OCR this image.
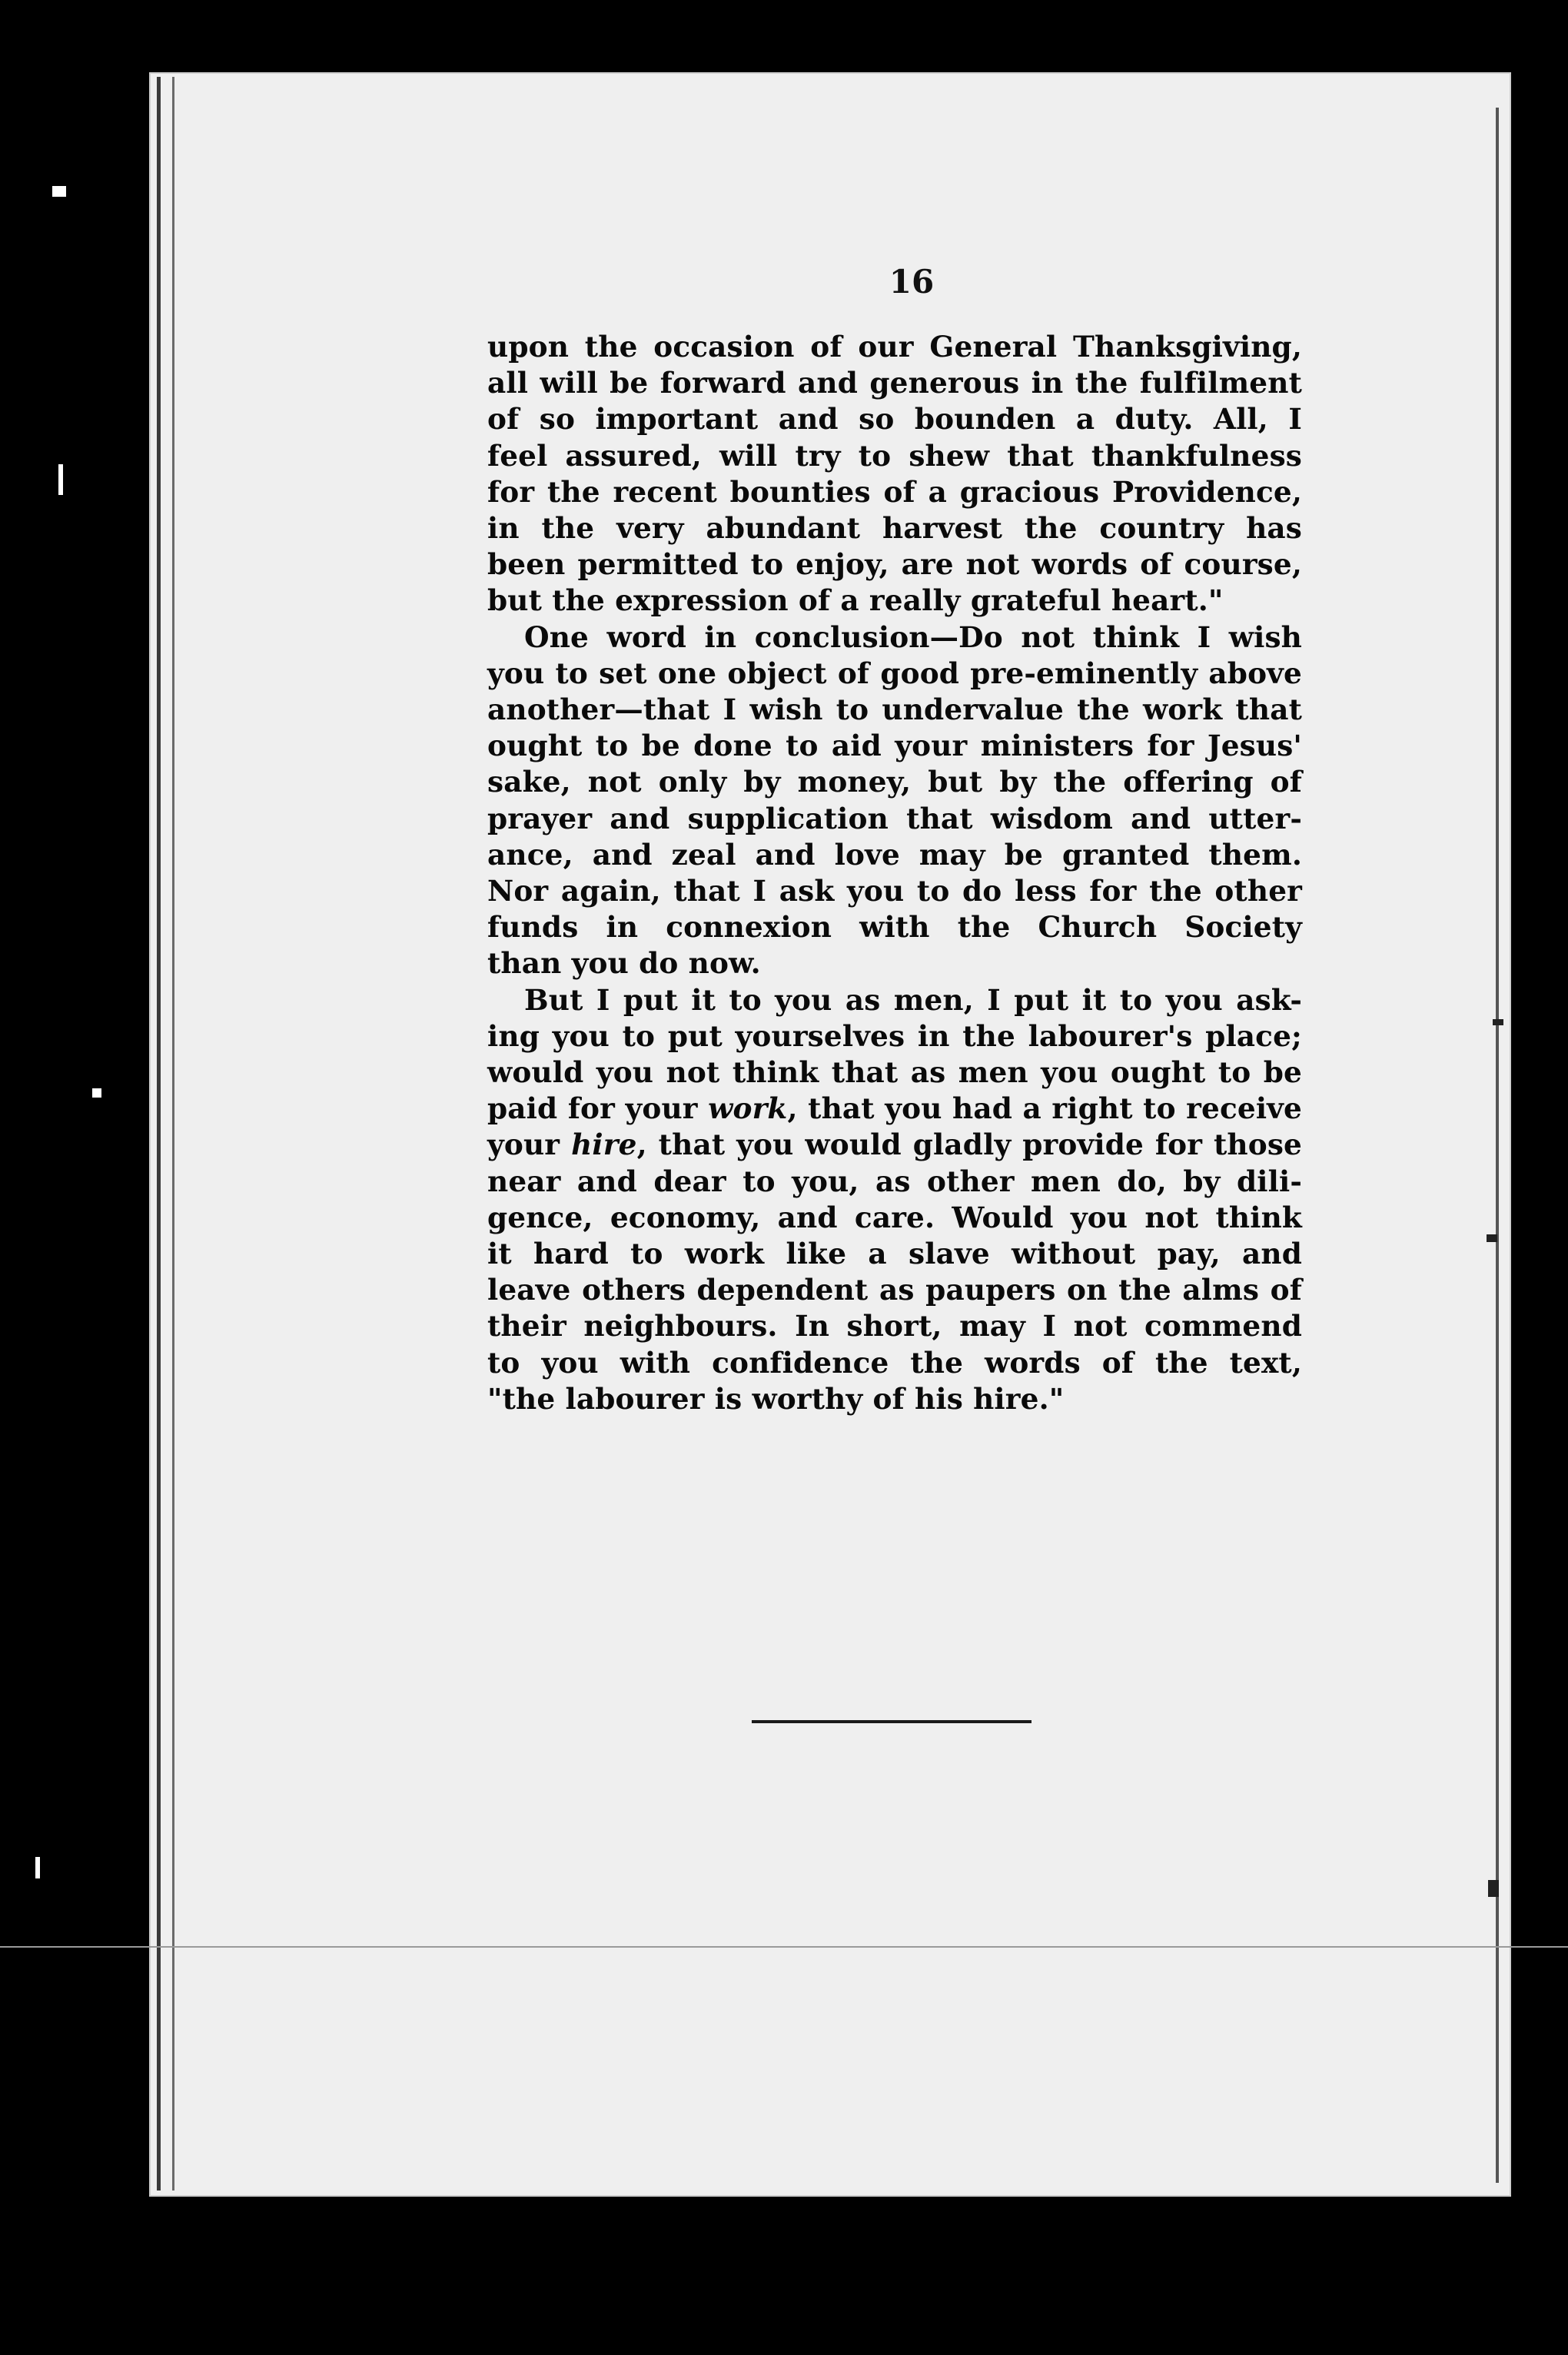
16

upon the occasion of our General Thanksgiving,
all will be forward and generous in the fulfilment
of so important and so bounden a duty. All, I
feel assured, will try to shew that thankfulness
for the recent bounties of a gracious Providence,
in the very abundant harvest the country has
been permitted to enjoy, are not words of course,
but the expression of a really grateful heart."

One word in conclusion—Do not think I wish
you to set one object of good pre-eminently above
another—that I wish to undervalue the work that
ought to be done to aid your ministers for Jesus'
sake, not only by money, but by the offering of
prayer and supplication that wisdom and utter-
ance, and zeal and love may be granted them.
Nor again, that I ask you to do less for the other
funds in connexion with the Church Society
than you do now.

But I put it to you as men, I put it to you ask-
ing you to put yourselves in the labourer's place;
would you not think that as men you ought to be
paid for your work, that you had a right to receive
your hire, that you would gladly provide for those
near and dear to you, as other men do, by dili-
gence, economy, and care. Would you not think
it hard to work like a slave without pay, and
leave others dependent as paupers on the alms of
their neighbours. In short, may I not commend
to you with confidence the words of the text,
"the labourer is worthy of his hire."
